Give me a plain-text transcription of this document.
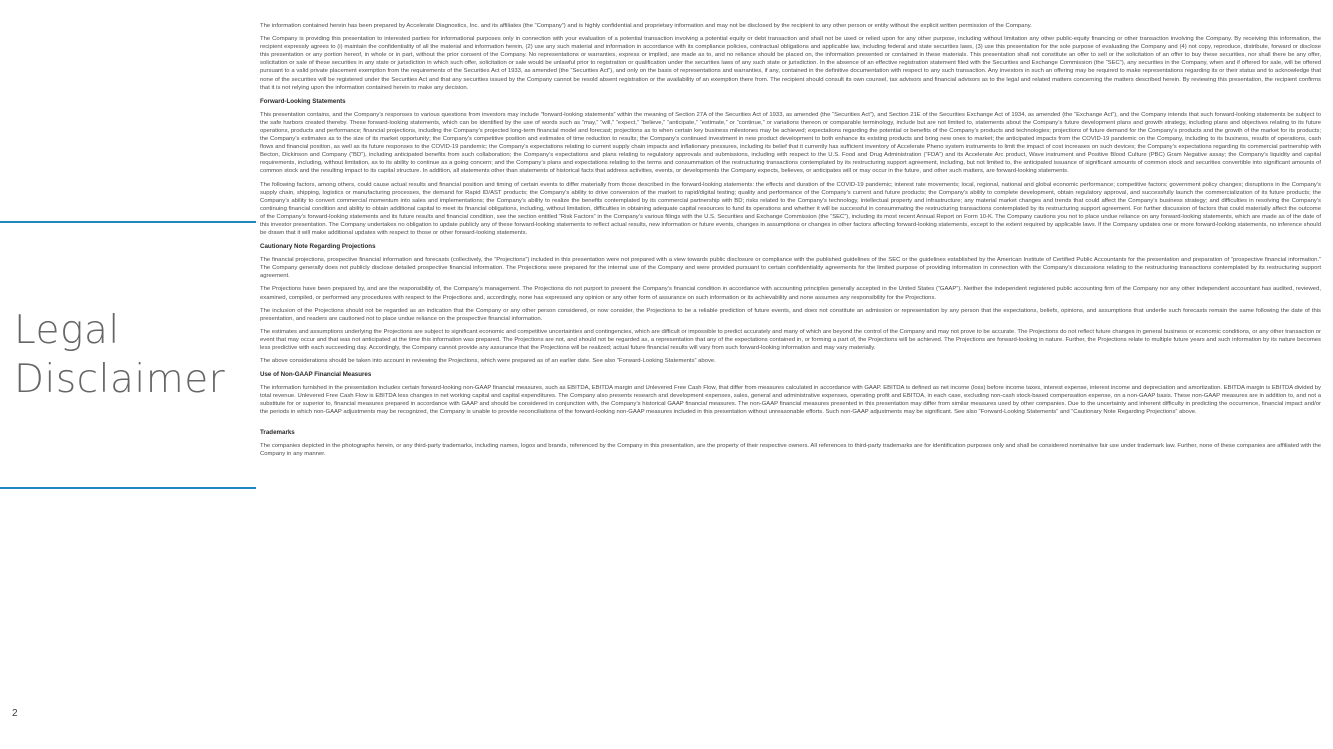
Legal
Disclaimer
2

The information contained herein has been prepared by Accelerate Diagnostics, Inc. and its affiliates (the “Company”) and is highly confidential and proprietary information and may not be disclosed by the recipient to any other person or entity without the explicit written permission of the Company.

The Company is providing this presentation to interested parties for informational purposes only in connection with your evaluation of a potential transaction involving a potential equity or debt transaction and shall not be used or relied upon for any other purpose, including without limitation any other public-equity financing or other transaction involving the Company. By receiving this information, the recipient expressly agrees to (i) maintain the confidentiality of all the material and information herein, (2) use any such material and information in accordance with its compliance policies, contractual obligations and applicable law, including federal and state securities laws, (3) use this presentation for the sole purpose of evaluating the Company and (4) not copy, reproduce, distribute, forward or disclose this presentation or any portion hereof, in whole or in part, without the prior consent of the Company. No representations or warranties, express or implied, are made as to, and no reliance should be placed on, the information presented or contained in these materials. This presentation shall not constitute an offer to sell or the solicitation of an offer to buy these securities, nor shall there be any offer, solicitation or sale of these securities in any state or jurisdiction in which such offer, solicitation or sale would be unlawful prior to registration or qualification under the securities laws of any such state or jurisdiction. In the absence of an effective registration statement filed with the Securities and Exchange Commission (the “SEC”), any securities in the Company, when and if offered for sale, will be offered pursuant to a valid private placement exemption from the requirements of the Securities Act of 1933, as amended (the “Securities Act”), and only on the basis of representations and warranties, if any, contained in the definitive documentation with respect to any such transaction. Any investors in such an offering may be required to make representations regarding its or their status and to acknowledge that none of the securities will be registered under the Securities Act and that any securities issued by the Company cannot be resold absent registration or the availability of an exemption there from. The recipient should consult its own counsel, tax advisors and financial advisors as to the legal and related matters concerning the matters described herein. By reviewing this presentation, the recipient confirms that it is not relying upon the information contained herein to make any decision.

Forward-Looking Statements

This presentation contains, and the Company’s responses to various questions from investors may include “forward-looking statements” within the meaning of Section 27A of the Securities Act of 1933, as amended (the “Securities Act”), and Section 21E of the Securities Exchange Act of 1934, as amended (the “Exchange Act”), and the Company intends that such forward-looking statements be subject to the safe harbors created thereby. These forward-looking statements, which can be identified by the use of words such as “may,” “will,” “expect,” “believe,” “anticipate,” “estimate,” or “continue,” or variations thereon or comparable terminology, include but are not limited to, statements about the Company’s future development plans and growth strategy, including plans and objectives relating to its future operations, products and performance; financial projections, including the Company’s projected long-term financial model and forecast; projections as to when certain key business milestones may be achieved; expectations regarding the potential or benefits of the Company’s products and technologies; projections of future demand for the Company’s products and the growth of the market for its products; the Company’s estimates as to the size of its market opportunity; the Company’s competitive position and estimates of time reduction to results; the Company’s continued investment in new product development to both enhance its existing products and bring new ones to market; the anticipated impacts from the COVID-19 pandemic on the Company, including to its business, results of operations, cash flows and financial position, as well as its future responses to the COVID-19 pandemic; the Company’s expectations relating to current supply chain impacts and inflationary pressures, including its belief that it currently has sufficient inventory of Accelerate Pheno system instruments to limit the impact of cost increases on such devices; the Company’s expectations regarding its commercial partnership with Becton, Dickinson and Company (“BD”), including anticipated benefits from such collaboration; the Company’s expectations and plans relating to regulatory approvals and submissions, including with respect to the U.S. Food and Drug Administration (“FDA”) and its Accelerate Arc product, Wave instrument and Positive Blood Culture (PBC) Gram Negative assay; the Company’s liquidity and capital requirements, including, without limitation, as to its ability to continue as a going concern; and the Company’s plans and expectations relating to the terms and consummation of the restructuring transactions contemplated by its restructuring support agreement, including, but not limited to, the anticipated issuance of significant amounts of common stock and securities convertible into significant amounts of common stock and the resulting impact to its capital structure. In addition, all statements other than statements of historical facts that address activities, events, or developments the Company expects, believes, or anticipates will or may occur in the future, and other such matters, are forward-looking statements.

The following factors, among others, could cause actual results and financial position and timing of certain events to differ materially from those described in the forward-looking statements: the effects and duration of the COVID-19 pandemic; interest rate movements; local, regional, national and global economic performance; competitive factors; government policy changes; disruptions in the Company’s supply chain, shipping, logistics or manufacturing processes, the demand for Rapid ID/AST products; the Company’s ability to drive conversion of the market to rapid/digital testing; quality and performance of the Company’s current and future products; the Company’s ability to complete development, obtain regulatory approval, and successfully launch the commercialization of its future products; the Company’s ability to convert commercial momentum into sales and implementations; the Company’s ability to realize the benefits contemplated by its commercial partnership with BD; risks related to the Company’s technology, intellectual property and infrastructure; any material market changes and trends that could affect the Company’s business strategy; and difficulties in resolving the Company’s continuing financial condition and ability to obtain additional capital to meet its financial obligations, including, without limitation, difficulties in obtaining adequate capital resources to fund its operations and whether it will be successful in consummating the restructuring transactions contemplated by its restructuring support agreement. For further discussion of factors that could materially affect the outcome of the Company’s forward-looking statements and its future results and financial condition, see the section entitled “Risk Factors” in the Company’s various filings with the U.S. Securities and Exchange Commission (the “SEC”), including its most recent Annual Report on Form 10-K. The Company cautions you not to place undue reliance on any forward-looking statements, which are made as of the date of this investor presentation. The Company undertakes no obligation to update publicly any of these forward-looking statements to reflect actual results, new information or future events, changes in assumptions or changes in other factors affecting forward-looking statements, except to the extent required by applicable laws. If the Company updates one or more forward-looking statements, no inference should be drawn that it will make additional updates with respect to those or other forward-looking statements.

Cautionary Note Regarding Projections

The financial projections, prospective financial information and forecasts (collectively, the “Projections”) included in this presentation were not prepared with a view towards public disclosure or compliance with the published guidelines of the SEC or the guidelines established by the American Institute of Certified Public Accountants for the presentation and preparation of “prospective financial information.” The Company generally does not publicly disclose detailed prospective financial information. The Projections were prepared for the internal use of the Company and were provided pursuant to certain confidentiality agreements for the limited purpose of providing information in connection with the Company’s discussions relating to the restructuring transactions contemplated by its restructuring support agreement.

The Projections have been prepared by, and are the responsibility of, the Company’s management. The Projections do not purport to present the Company’s financial condition in accordance with accounting principles generally accepted in the United States (“GAAP”). Neither the independent registered public accounting firm of the Company nor any other independent accountant has audited, reviewed, examined, compiled, or performed any procedures with respect to the Projections and, accordingly, none has expressed any opinion or any other form of assurance on such information or its achievability and none assumes any responsibility for the Projections.

The inclusion of the Projections should not be regarded as an indication that the Company or any other person considered, or now consider, the Projections to be a reliable prediction of future events, and does not constitute an admission or representation by any person that the expectations, beliefs, opinions, and assumptions that underlie such forecasts remain the same following the date of this presentation, and readers are cautioned not to place undue reliance on the prospective financial information.

The estimates and assumptions underlying the Projections are subject to significant economic and competitive uncertainties and contingencies, which are difficult or impossible to predict accurately and many of which are beyond the control of the Company and may not prove to be accurate. The Projections do not reflect future changes in general business or economic conditions, or any other transaction or event that may occur and that was not anticipated at the time this information was prepared. The Projections are not, and should not be regarded as, a representation that any of the expectations contained in, or forming a part of, the Projections will be achieved. The Projections are forward-looking in nature. Further, the Projections relate to multiple future years and such information by its nature becomes less predictive with each succeeding day. Accordingly, the Company cannot provide any assurance that the Projections will be realized; actual future financial results will vary from such forward-looking information and may vary materially.

The above considerations should be taken into account in reviewing the Projections, which were prepared as of an earlier date. See also “Forward-Looking Statements” above.

Use of Non-GAAP Financial Measures

The information furnished in the presentation includes certain forward-looking non-GAAP financial measures, such as EBITDA, EBITDA margin and Unlevered Free Cash Flow, that differ from measures calculated in accordance with GAAP. EBITDA is defined as net income (loss) before income taxes, interest expense, interest income and depreciation and amortization. EBITDA margin is EBITDA divided by total revenue. Unlevered Free Cash Flow is EBITDA less changes in net working capital and capital expenditures. The Company also presents research and development expenses, sales, general and administrative expenses, operating profit and EBITDA, in each case, excluding non-cash stock-based compensation expense, on a non-GAAP basis. These non-GAAP measures are in addition to, and not a substitute for or superior to, financial measures prepared in accordance with GAAP and should be considered in conjunction with, the Company’s historical GAAP financial measures. The non-GAAP financial measures presented in this presentation may differ from similar measures used by other companies. Due to the uncertainty and inherent difficulty in predicting the occurrence, financial impact and/or the periods in which non-GAAP adjustments may be recognized, the Company is unable to provide reconciliations of the forward-looking non-GAAP measures included in this presentation without unreasonable efforts. Such non-GAAP adjustments may be significant. See also “Forward-Looking Statements” and “Cautionary Note Regarding Projections” above.

Trademarks

The companies depicted in the photographs herein, or any third-party trademarks, including names, logos and brands, referenced by the Company in this presentation, are the property of their respective owners. All references to third-party trademarks are for identification purposes only and shall be considered nominative fair use under trademark law. Further, none of these companies are affiliated with the Company in any manner.
